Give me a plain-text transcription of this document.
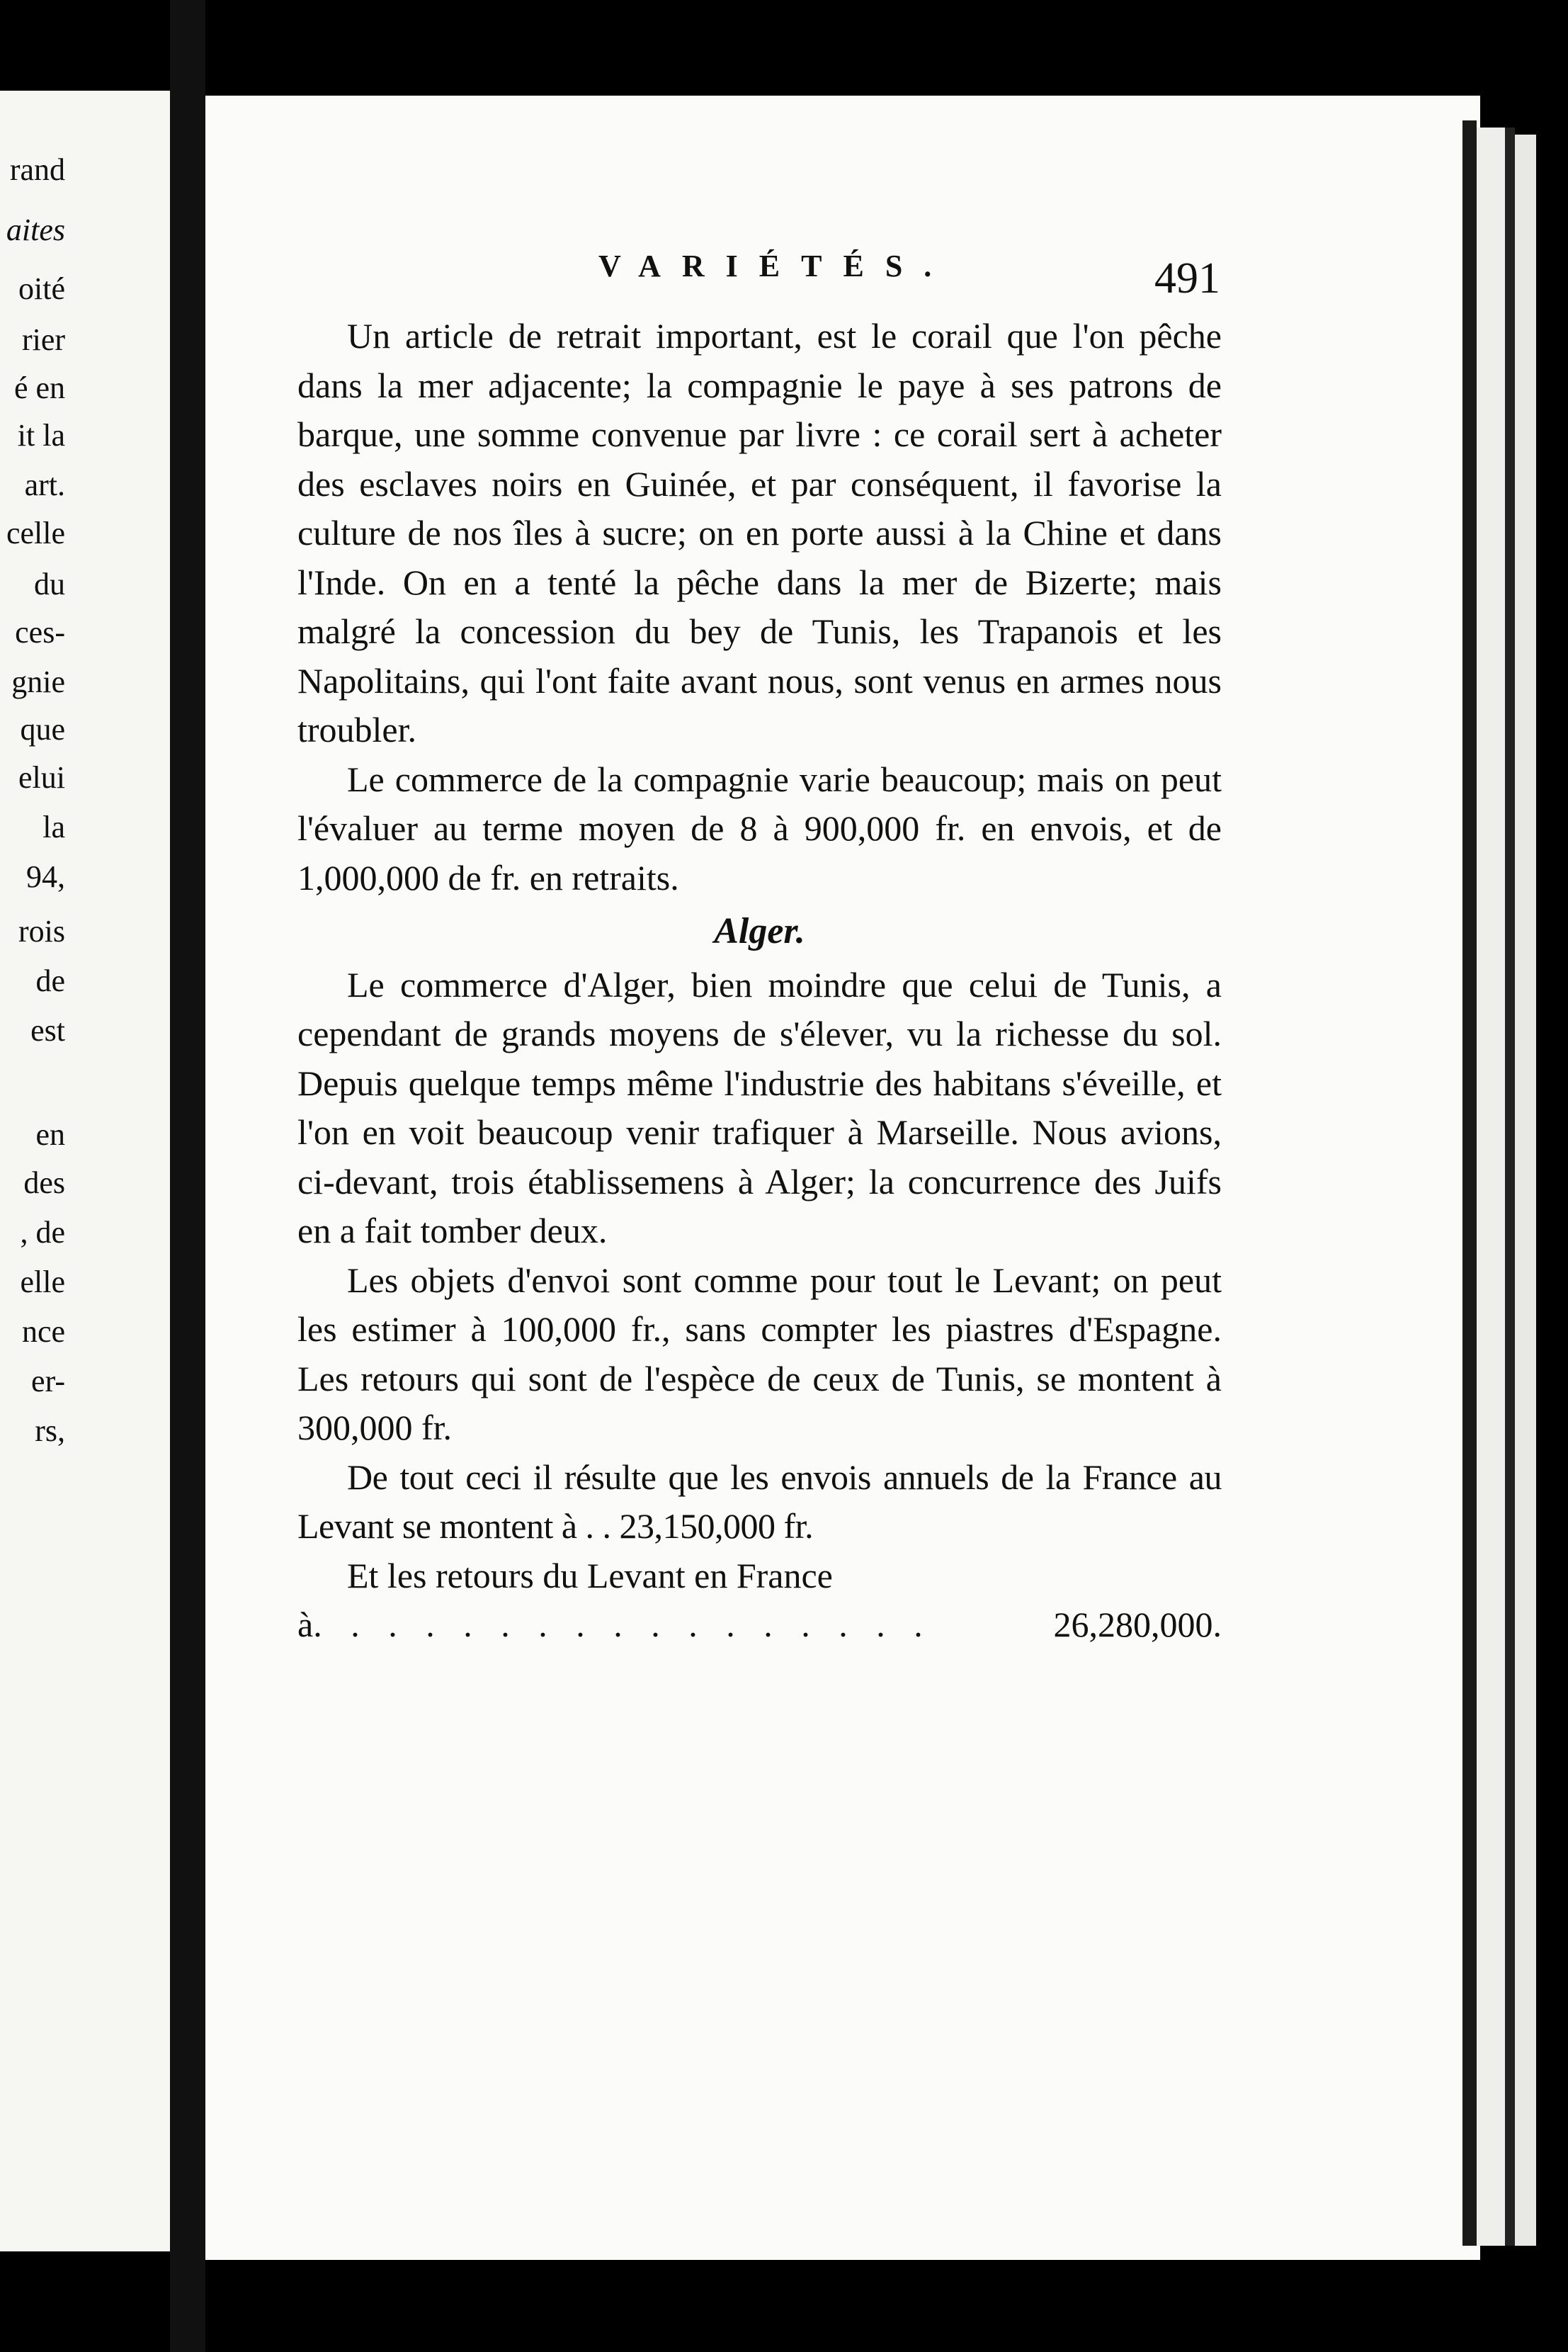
rand
aites
oité
rier
é en
it la
art.
celle
du
ces-
gnie
que
elui
la
94,
rois
de
est
en
des
, de
elle
nce
er-
rs,
VARIÉTÉS.	491

Un article de retrait important, est le corail que l'on pêche dans la mer adjacente; la compagnie le paye à ses patrons de barque, une somme convenue par livre : ce corail sert à acheter des esclaves noirs en Guinée, et par conséquent, il favorise la culture de nos îles à sucre; on en porte aussi à la Chine et dans l'Inde. On en a tenté la pêche dans la mer de Bizerte; mais malgré la concession du bey de Tunis, les Trapanois et les Napolitains, qui l'ont faite avant nous, sont venus en armes nous troubler.

Le commerce de la compagnie varie beaucoup; mais on peut l'évaluer au terme moyen de 8 à 900,000 fr. en envois, et de 1,000,000 de fr. en retraits.

Alger.

Le commerce d'Alger, bien moindre que celui de Tunis, a cependant de grands moyens de s'élever, vu la richesse du sol. Depuis quelque temps même l'industrie des habitans s'éveille, et l'on en voit beaucoup venir trafiquer à Marseille. Nous avions, ci-devant, trois établissemens à Alger; la concurrence des Juifs en a fait tomber deux.

Les objets d'envoi sont comme pour tout le Levant; on peut les estimer à 100,000 fr., sans compter les piastres d'Espagne. Les retours qui sont de l'espèce de ceux de Tunis, se montent à 300,000 fr.

De tout ceci il résulte que les envois annuels de la France au Levant se montent à . . 23,150,000 fr.

Et les retours du Levant en France

à . . . . . . . . . . . . . . . . .	26,280,000.
